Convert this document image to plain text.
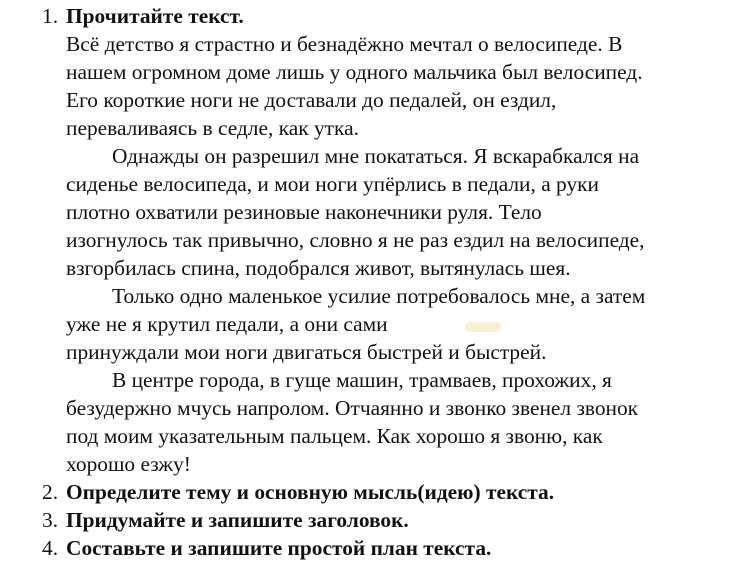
1. Прочитайте текст.
Всё детство я страстно и безнадёжно мечтал о велосипеде. В
нашем огромном доме лишь у одного мальчика был велосипед.
Его короткие ноги не доставали до педалей, он ездил,
переваливаясь в седле, как утка.
Однажды он разрешил мне покататься. Я вскарабкался на
сиденье велосипеда, и мои ноги упёрлись в педали, а руки
плотно охватили резиновые наконечники руля. Тело
изогнулось так привычно, словно я не раз ездил на велосипеде,
взгорбилась спина, подобрался живот, вытянулась шея.
Только одно маленькое усилие потребовалось мне, а затем
уже не я крутил педали, а они сами
принуждали мои ноги двигаться быстрей и быстрей.
В центре города, в гуще машин, трамваев, прохожих, я
безудержно мчусь напролом. Отчаянно и звонко звенел звонок
под моим указательным пальцем. Как хорошо я звоню, как
хорошо езжу!
2. Определите тему и основную мысль(идею) текста.
3. Придумайте и запишите заголовок.
4. Составьте и запишите простой план текста.
